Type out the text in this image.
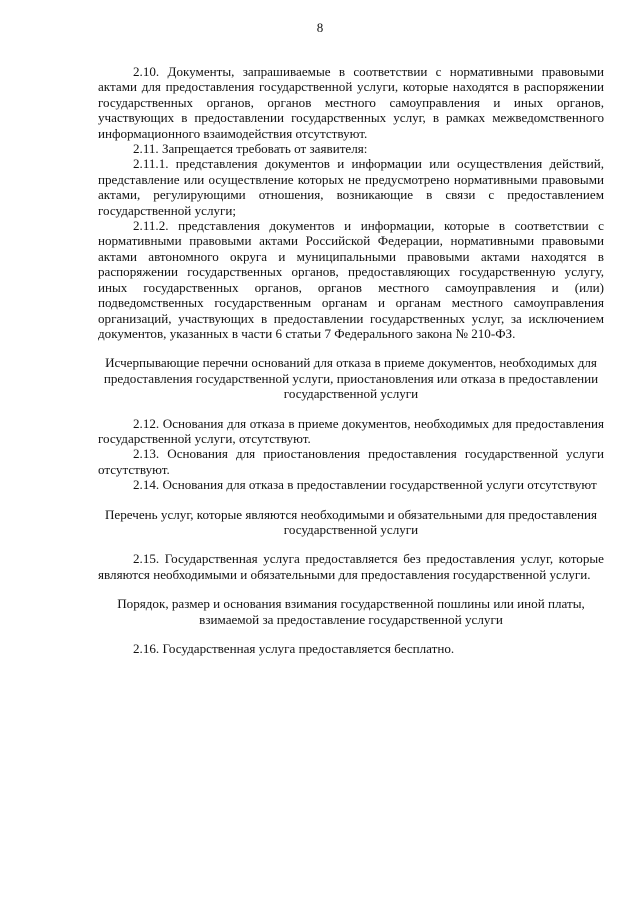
8

2.10. Документы, запрашиваемые в соответствии с нормативными правовыми актами для предоставления государственной услуги, которые находятся в распоряжении государственных органов, органов местного самоуправления и иных органов, участвующих в предоставлении государственных услуг, в рамках межведомственного информационного взаимодействия отсутствуют.

2.11. Запрещается требовать от заявителя:

2.11.1. представления документов и информации или осуществления действий, представление или осуществление которых не предусмотрено нормативными правовыми актами, регулирующими отношения, возникающие в связи с предоставлением государственной услуги;

2.11.2. представления документов и информации, которые в соответствии с нормативными правовыми актами Российской Федерации, нормативными правовыми актами автономного округа и муниципальными правовыми актами находятся в распоряжении государственных органов, предоставляющих государственную услугу, иных государственных органов, органов местного самоуправления и (или) подведомственных государственным органам и органам местного самоуправления организаций, участвующих в предоставлении государственных услуг, за исключением документов, указанных в части 6 статьи 7 Федерального закона № 210-ФЗ.

Исчерпывающие перечни оснований для отказа в приеме документов, необходимых для предоставления государственной услуги, приостановления или отказа в предоставлении государственной услуги

2.12. Основания для отказа в приеме документов, необходимых для предоставления государственной услуги, отсутствуют.

2.13. Основания для приостановления предоставления государственной услуги отсутствуют.

2.14. Основания для отказа в предоставлении государственной услуги отсутствуют

Перечень услуг, которые являются необходимыми и обязательными для предоставления государственной услуги

2.15. Государственная услуга предоставляется без предоставления услуг, которые являются необходимыми и обязательными для предоставления государственной услуги.

Порядок, размер и основания взимания государственной пошлины или иной платы, взимаемой за предоставление государственной услуги

2.16. Государственная услуга предоставляется бесплатно.
